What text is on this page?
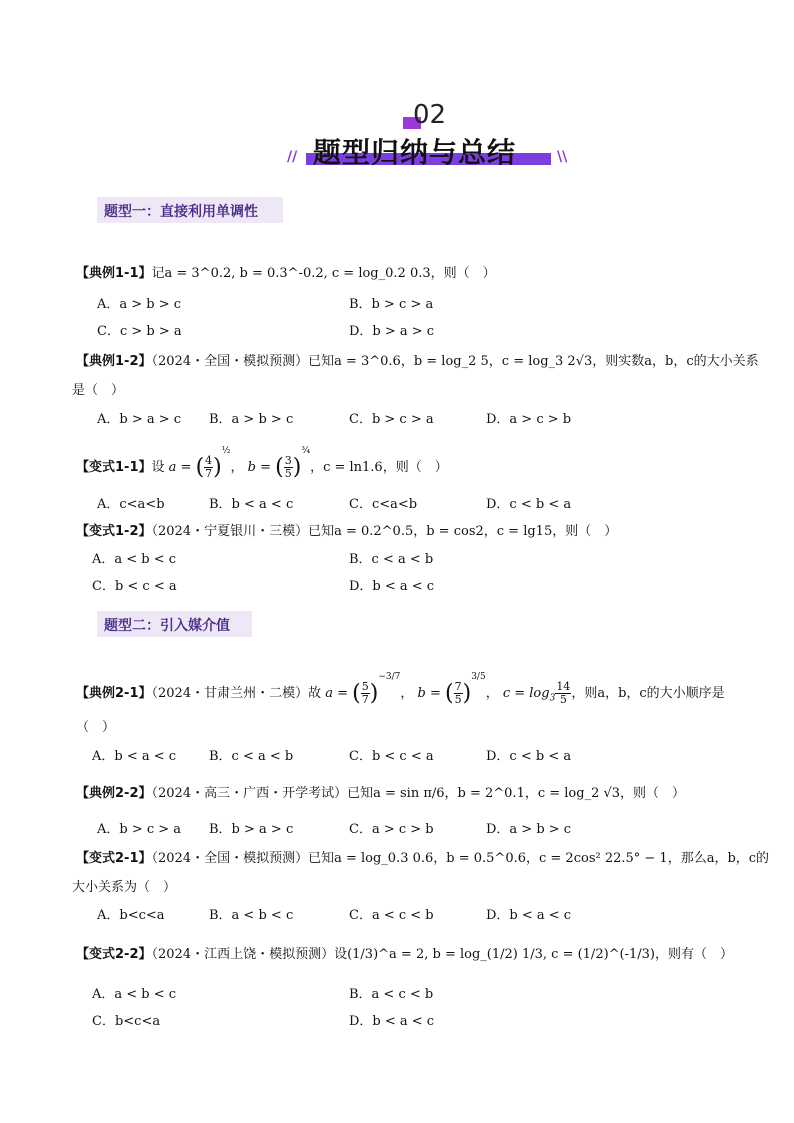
02
题型归纳与总结
//	\\
题型一：直接利用单调性
【典例1-1】记a = 3^0.2, b = 0.3^-0.2, c = log_0.2 0.3，则（　）
A．a > b > c	B．b > c > a
C．c > b > a	D．b > a > c
【典例1-2】（2024・全国・模拟预测）已知a = 3^0.6，b = log_2 5，c = log_3 2√3，则实数a，b，c的大小关系
是（　）
A．b > a > c B．a > b > c	C．b > c > a	D．a > c > b
【变式1-1】设 a = ( $\frac{4}{7} )^{\frac{1}{2}}$， b = ( $\frac{3}{5} )^{\frac{3}{4}}$，c = ln1.6，则（　）
A．c<a<b	B．b < a < c	C．c<a<b	D．c < b < a
【变式1-2】（2024・宁夏银川・三模）已知a = 0.2^0.5，b = cos2，c = lg15，则（　）
A．a < b < c	B．c < a < b
C．b < c < a	D．b < a < c
题型二：引入媒介值
【典例2-1】（2024・甘肃兰州・二模）故 a = ( $\frac{5}{7} )^{-3/7}$， b = ( $\frac{7}{5} )^{3/5}$， $c = \log_3 \frac{14}{5}$ ，则a，b，c的大小顺序是
（　）
A．b < a < c	B．c < a < b	C．b < c < a	D．c < b < a
【典例2-2】（2024・高三・广西・开学考试）已知a = sin π/6，b = 2^0.1，c = log_2 √3，则（　）
A．b > c > a B．b > a > c	C．a > c > b	D．a > b > c
【变式2-1】（2024・全国・模拟预测）已知a = log_0.3 0.6，b = 0.5^0.6，c = 2cos² 22.5° − 1，那么a，b，c的
大小关系为（　）
A．b<c<a	B．a < b < c	C．a < c < b	D．b < a < c
【变式2-2】（2024・江西上饶・模拟预测）设(1/3)^a = 2, b = log_(1/2) 1/3, c = (1/2)^(-1/3)，则有（　）
A．a < b < c	B．a < c < b
C．b<c<a	D．b < a < c
